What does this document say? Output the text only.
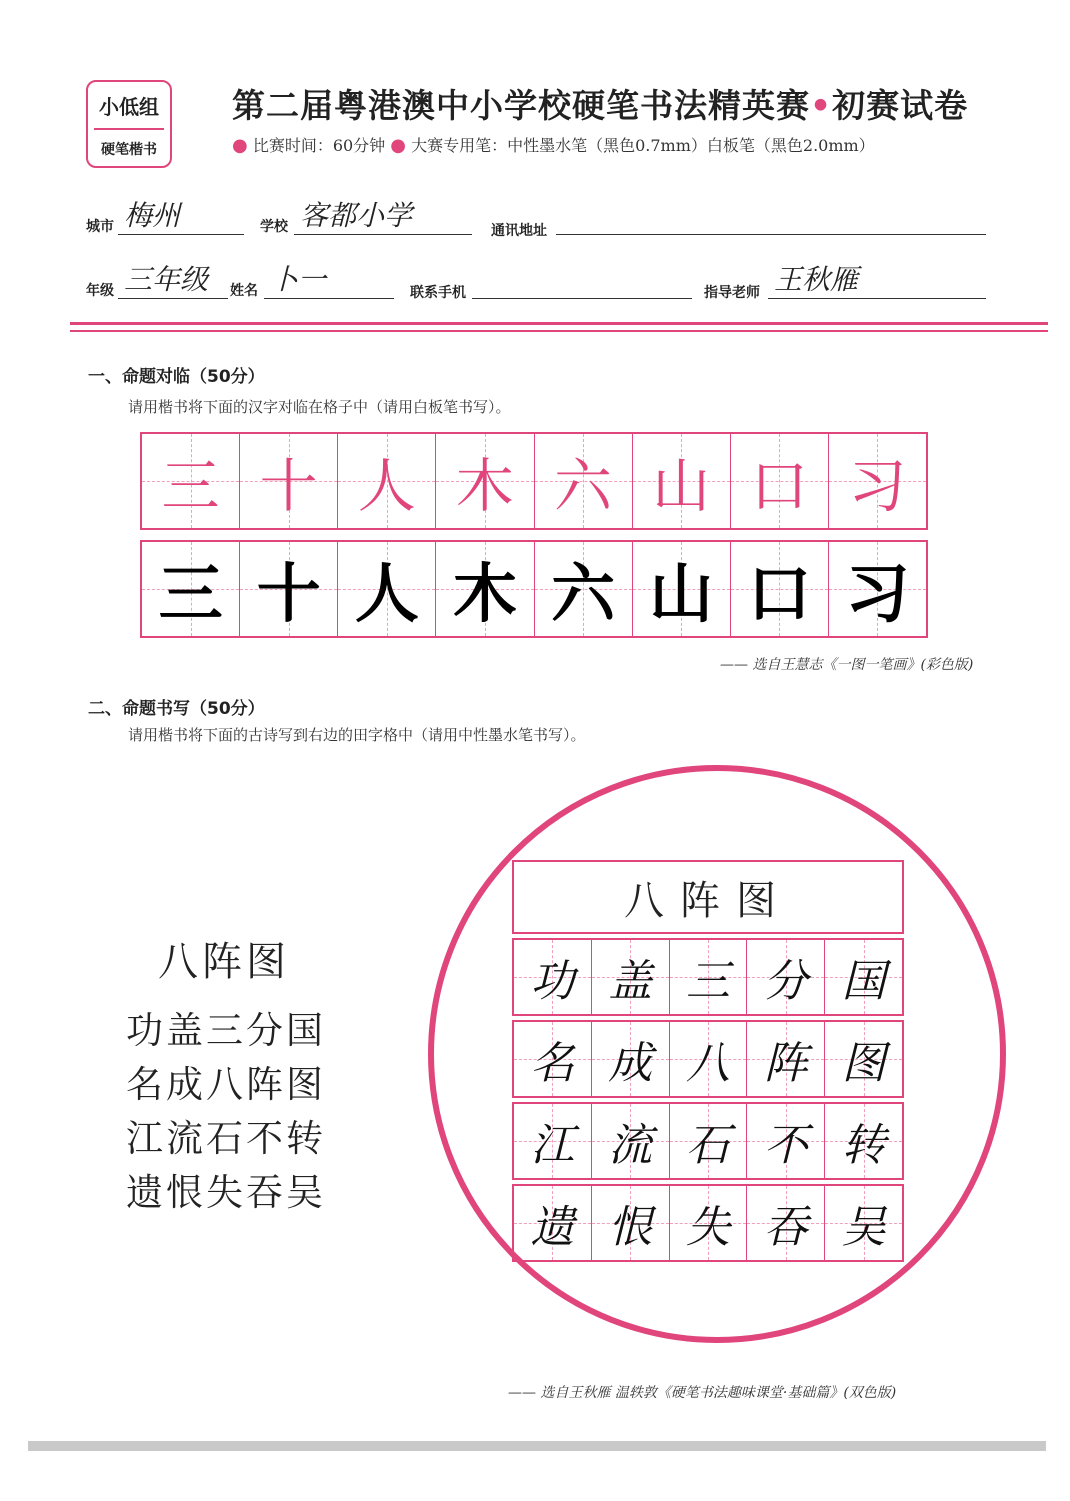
小低组
硬笔楷书
第二届粤港澳中小学校硬笔书法精英赛•初赛试卷
● 比赛时间：60分钟 ● 大赛专用笔：中性墨水笔（黑色0.7mm）白板笔（黑色2.0mm）
城市 梅州	学校 客都小学	通讯地址
年级 三年级 姓名 卜一	联系手机	指导老师 王秋雁
一、命题对临（50分）
请用楷书将下面的汉字对临在格子中（请用白板笔书写）。
三 十 人 木 六 山 口 习
三 十 人 木 六 山 口 习
—— 选自王慧志《一图一笔画》(彩色版)
二、命题书写（50分）
请用楷书将下面的古诗写到右边的田字格中（请用中性墨水笔书写）。
八阵图
功盖三分国
名成八阵图
江流石不转
遗恨失吞吴
八阵图
功 盖 三 分 国
名 成 八 阵 图
江 流 石 不 转
遗 恨 失 吞 吴
—— 选自王秋雁 温轶敦《硬笔书法趣味课堂·基础篇》(双色版)
